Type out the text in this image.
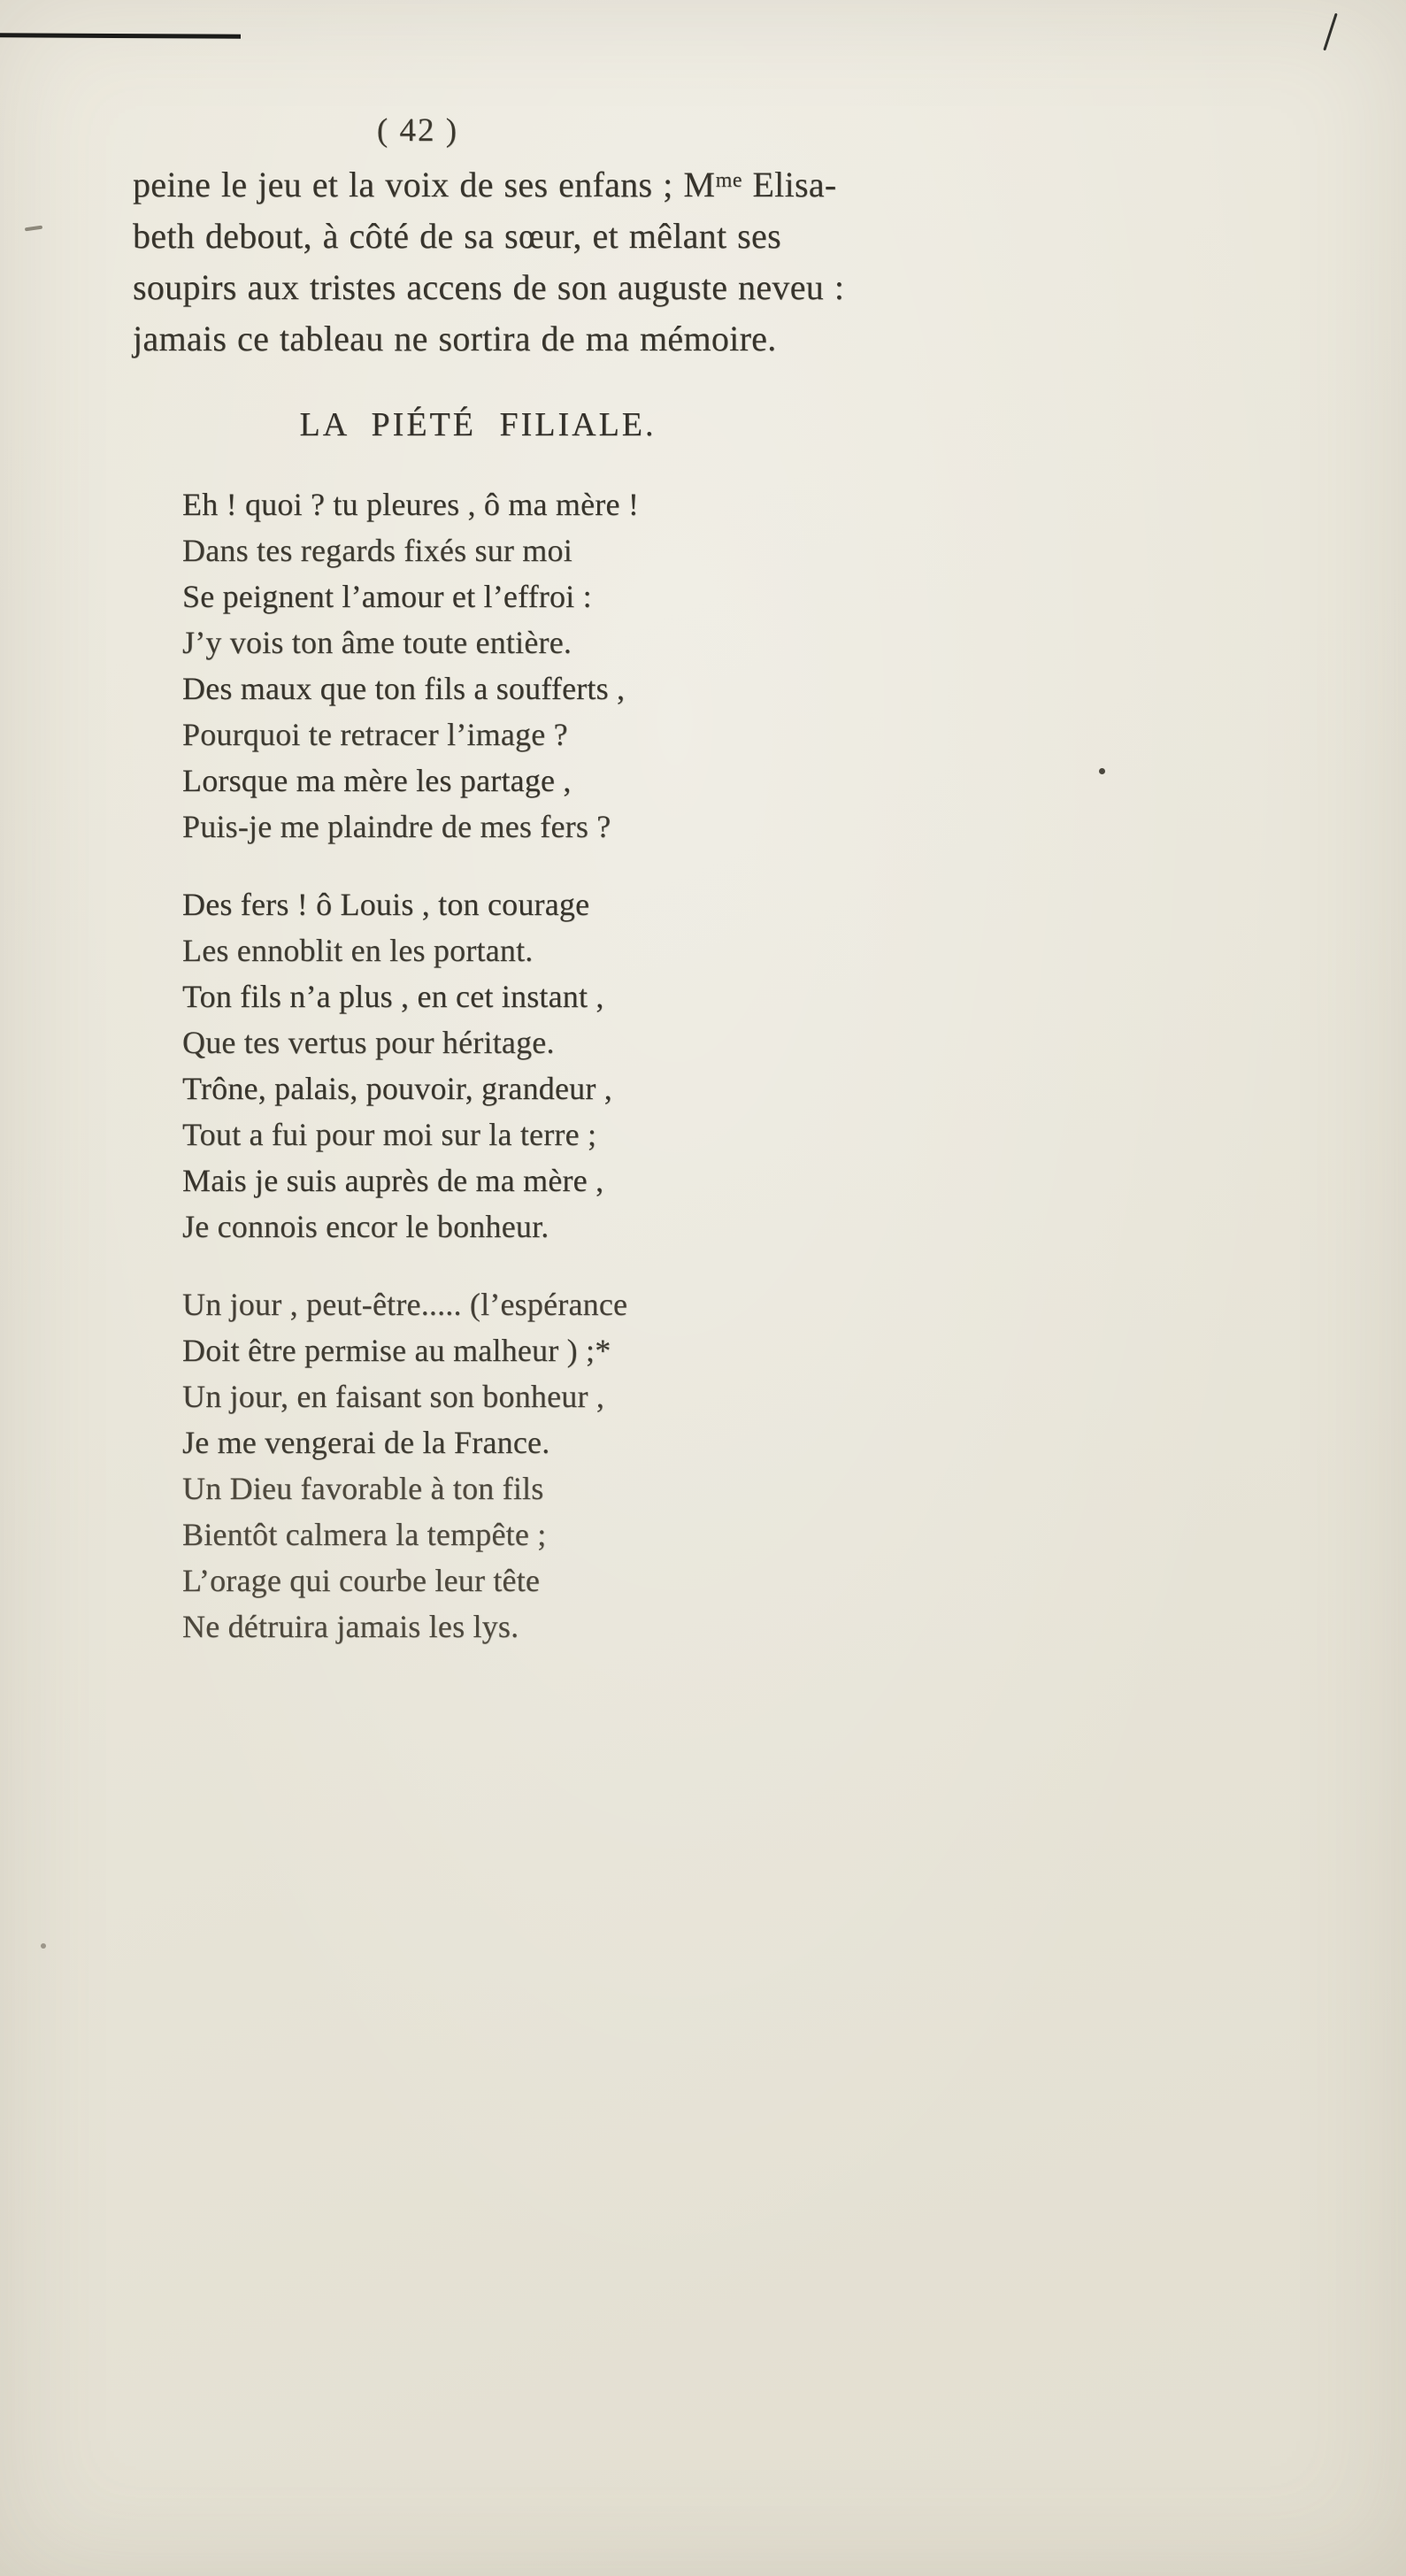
( 42 )
peine le jeu et la voix de ses enfans ; Mᵐᵉ Elisa-
beth debout, à côté de sa sœur, et mêlant ses
soupirs aux tristes accens de son auguste neveu :
jamais ce tableau ne sortira de ma mémoire.
LA PIÉTÉ FILIALE.
Eh ! quoi ? tu pleures , ô ma mère !
Dans tes regards fixés sur moi
Se peignent l’amour et l’effroi :
J’y vois ton âme toute entière.
Des maux que ton fils a soufferts ,
Pourquoi te retracer l’image ?
Lorsque ma mère les partage ,
Puis-je me plaindre de mes fers ?
Des fers ! ô Louis , ton courage
Les ennoblit en les portant.
Ton fils n’a plus , en cet instant ,
Que tes vertus pour héritage.
Trône, palais, pouvoir, grandeur ,
Tout a fui pour moi sur la terre ;
Mais je suis auprès de ma mère ,
Je connois encor le bonheur.
Un jour , peut-être..... (l’espérance
Doit être permise au malheur ) ;*
Un jour, en faisant son bonheur ,
Je me vengerai de la France.
Un Dieu favorable à ton fils
Bientôt calmera la tempête ;
L’orage qui courbe leur tête
Ne détruira jamais les lys.
